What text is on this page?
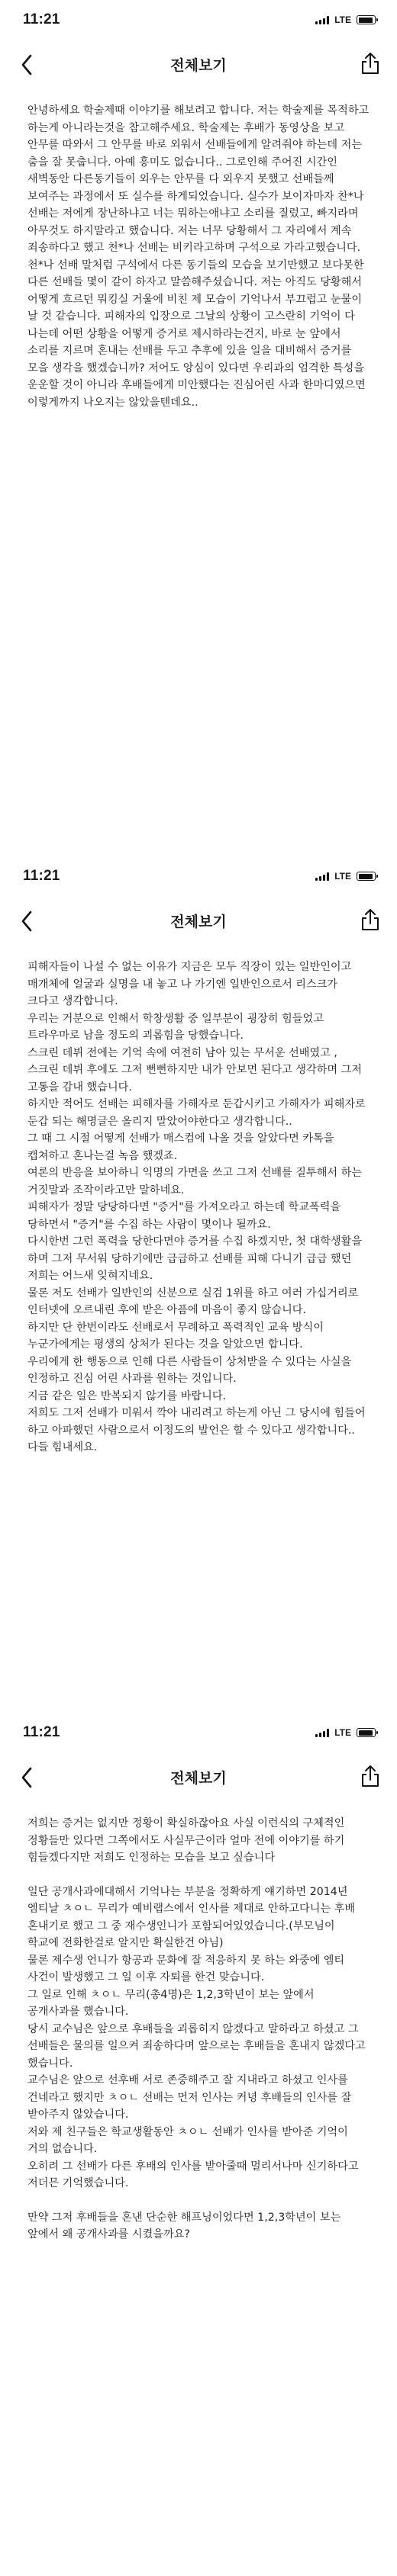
11:21	LTE
전체보기

안녕하세요 학술제때 이야기를 해보려고 합니다. 저는 학술제를 목적하고 하는게 아니라는것을 참고해주세요. 학술제는 후배가 동영상을 보고 안무를 따와서 그 안무를 바로 외워서 선배들에게 알려줘야 하는데 저는 춤을 잘 못춥니다. 아예 흥미도 없습니다.. 그로인해 주어진 시간인 새벽동안 다른동기들이 외우는 안무를 다 외우지 못했고 선배들께 보여주는 과정에서 또 실수를 하게되었습니다. 실수가 보이자마자 찬*나 선배는 저에게 장난하냐고 너는 뭐하는애냐고 소리를 질렀고, 빠지라며 아무것도 하지말라고 했습니다. 저는 너무 당황해서 그 자리에서 계속 죄송하다고 했고 천*나 선배는 비키라고하며 구석으로 가라고했습니다. 천*나 선배 말처럼 구석에서 다른 동기들의 모습을 보기만했고 보다못한 다른 선배들 몇이 같이 하자고 말씀해주셨습니다. 저는 아직도 당황해서 어떻게 흐르던 뭐킹실 거울에 비친 제 모습이 기억나서 부끄럽고 눈물이 날 것 같습니다. 피해자의 입장으로 그날의 상황이 고스란히 기억이 다 나는데 어떤 상황을 어떻게 증거로 제시하라는건지, 바로 눈 앞에서 소리를 지르며 혼내는 선배를 두고 추후에 있을 일을 대비해서 증거를 모을 생각을 했겠습니까? 저어도 앙심이 있다면 우리과의 엄격한 특성을 운운할 것이 아니라 후배들에게 미안했다는 진심어린 사과 한마디였으면 이렇게까지 나오지는 않았을텐데요..

11:21	LTE
전체보기

피해자들이 나설 수 없는 이유가 지금은 모두 직장이 있는 일반인이고 매개체에 얼굴과 실명을 내 놓고 나 가기엔 일반인으로서 리스크가 크다고 생각합니다.

우리는 거분으로 인해서 학창생활 중 일부분이 굉장히 힘들었고 트라우마로 남을 정도의 괴롭힘을 당했습니다.

스크린 데뷔 전에는 기억 속에 여전히 남아 있는 무서운 선배였고 , 스크린 데뷔 후에도 그저 뻔뻔하지만 내가 안보면 된다고 생각하며 그저 고통을 감내 했습니다.

하지만 적어도 선배는 피해자를 가해자로 둔갑시키고 가해자가 피해자로 둔갑 되는 해명글은 올리지 말았어야한다고 생각합니다..

그 때 그 시절 어떻게 선배가 매스컴에 나올 것을 알았다면 카톡을 캡쳐하고 혼나는걸 녹음 했겠죠.

여론의 반응을 보아하니 익명의 가면을 쓰고 그저 선배를 질투해서 하는 거짓말과 조작이라고만 말하네요.

피해자가 정말 당당하다면 "증거"를 가져오라고 하는데 학교폭력을 당하면서 "증거"를 수집 하는 사람이 몇이나 될까요.

다시한번 그런 폭력을 당한다면야 증거를 수집 하겠지만, 첫 대학생활을 하며 그저 무서워 당하기에만 급급하고 선배를 피해 다니기 급급 했던 저희는 어느새 잊혀지네요.

물론 저도 선배가 일반인의 신분으로 실검 1위를 하고 여러 가십거리로 인터넷에 오르내린 후에 받은 아픔에 마음이 좋지 않습니다.

하지만 단 한번이라도 선배로서 무례하고 폭력적인 교육 방식이 누군가에게는 평생의 상처가 된다는 것을 알았으면 합니다.

우리에게 한 행동으로 인해 다른 사람들이 상처받을 수 있다는 사실을 인정하고 진심 어린 사과를 원하는 것입니다.

지금 같은 일은 반복되지 않기를 바랍니다.

저희도 그저 선배가 미워서 깍아 내리려고 하는게 아닌 그 당시에 힘들어 하고 아파했던 사람으로서 이정도의 발언은 할 수 있다고 생각합니다..

다들 힘내세요.

11:21	LTE
전체보기

저희는 증거는 없지만 정황이 확실하잖아요 사실 이런식의 구체적인 정황들만 있다면 그쪽에서도 사실무근이라 얼마 전에 이야기를 하기 힘들겠다지만 저희도 인정하는 모습을 보고 싶습니다

일단 공개사과에대해서 기억나는 부분을 정확하게 얘기하면 2014년 엠티날 ㅊㅇㄴ 무리가 예비랩스에서 인사를 제대로 안하고다니는 후배 혼내기로 했고 그 중 재수생인니가 포함되어있었습니다.(부모님이 학교에 전화한걸로 알지만 확실한건 아님)

물론 제수생 언니가 항공과 문화에 잘 적응하지 못 하는 와중에 엠티 사건이 발생했고 그 일 이후 자퇴를 한건 맞습니다.

그 일로 인해 ㅊㅇㄴ 무리(총4명)은 1,2,3학년이 보는 앞에서 공개사과를 했습니다.

당시 교수님은 앞으로 후배들을 괴롭히지 않겠다고 말하라고 하셨고 그 선배들은 물의를 일으켜 죄송하다며 앞으로는 후배들을 혼내지 않겠다고 했습니다.

교수님은 앞으로 선후배 서로 존중해주고 잘 지내라고 하셨고 인사를 건네라고 했지만 ㅊㅇㄴ 선배는 먼저 인사는 커녕 후배들의 인사를 잘 받아주지 않았습니다.

저와 제 친구들은 학교생활동안 ㅊㅇㄴ 선배가 인사를 받아준 기억이 거의 없습니다.

오히려 그 선배가 다른 후배의 인사를 받아줄때 멀리서나마 신기하다고 저더믄 기억했습니다.

만약 그저 후배들을 혼낸 단순한 해프닝이었다면 1,2,3학년이 보는 앞에서 왜 공개사과를 시켰을까요?
